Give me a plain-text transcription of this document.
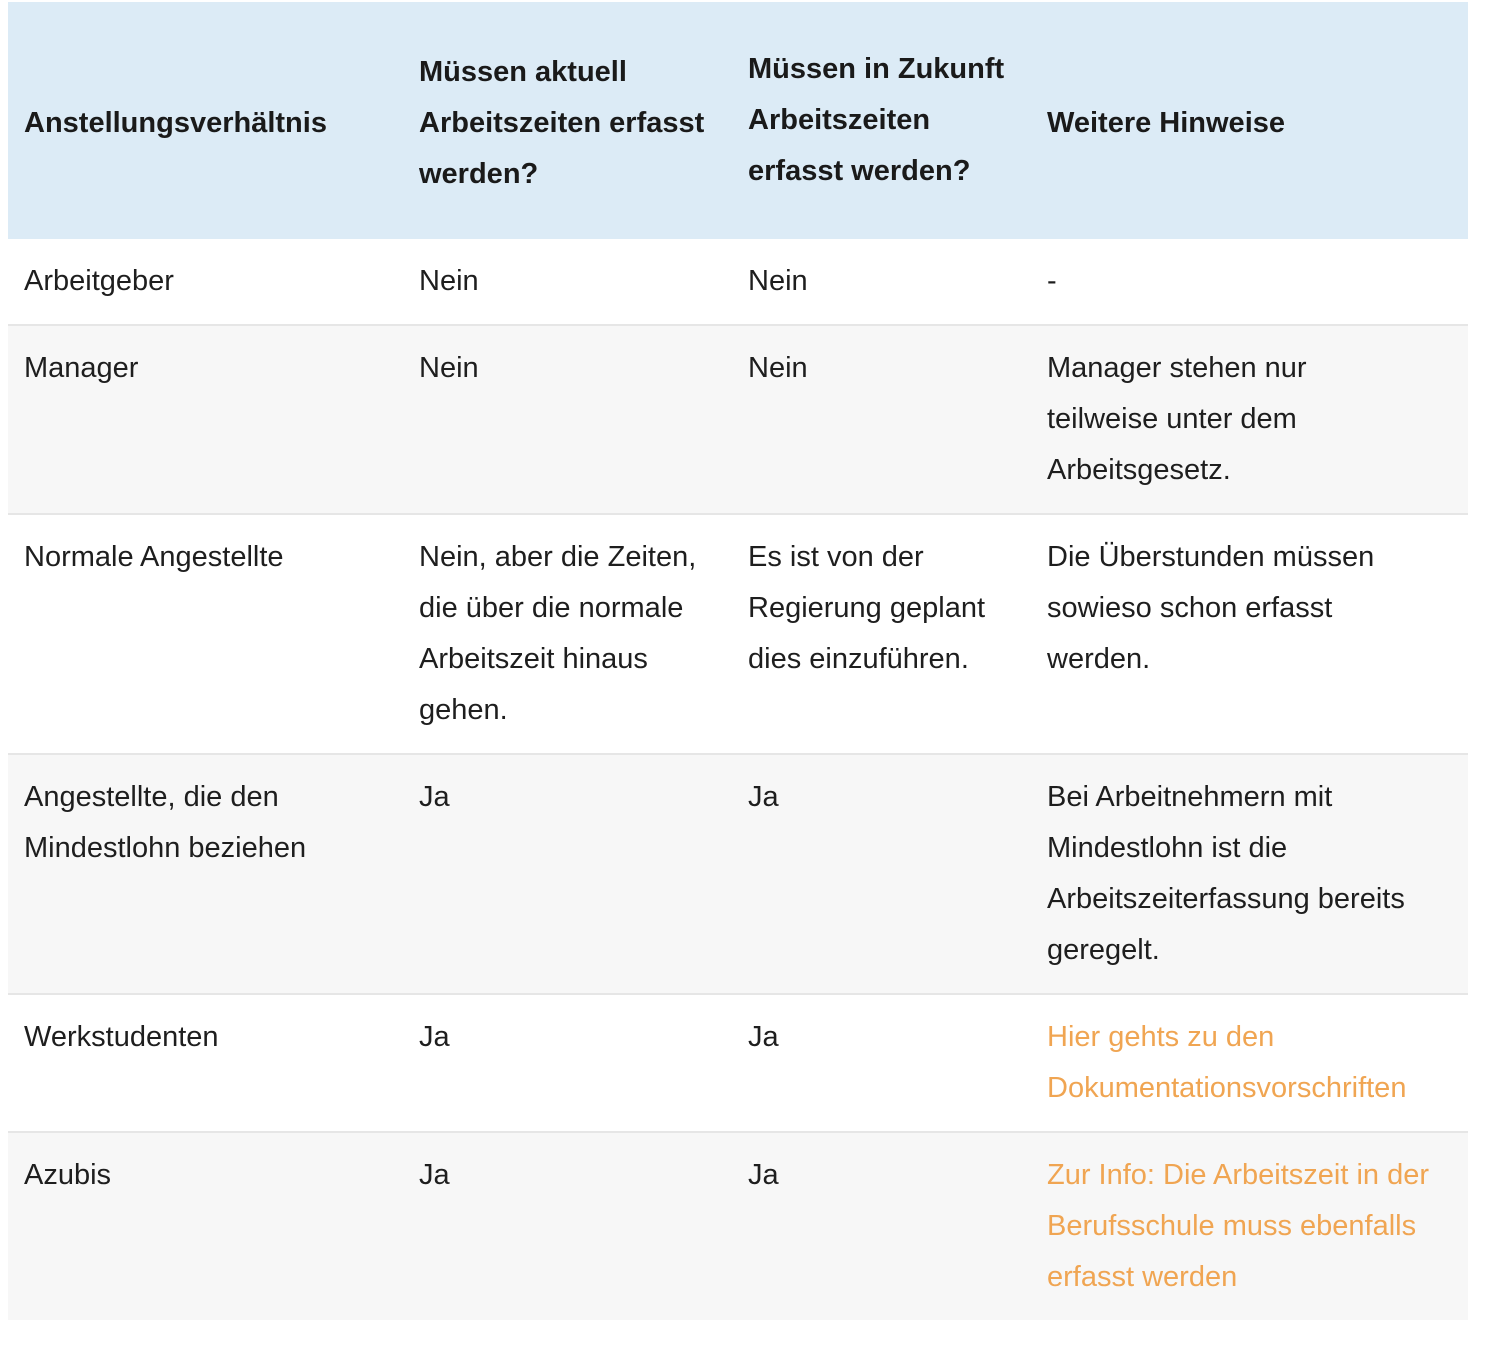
Anstellungsverhältnis	Müssen aktuell Arbeitszeiten erfasst werden?	Müssen in Zukunft Arbeitszeiten erfasst werden?	Weitere Hinweise
Arbeitgeber	Nein	Nein	-
Manager	Nein	Nein	Manager stehen nur teilweise unter dem Arbeitsgesetz.
Normale Angestellte	Nein, aber die Zeiten, die über die normale Arbeitszeit hinaus gehen.	Es ist von der Regierung geplant dies einzuführen.	Die Überstunden müssen sowieso schon erfasst werden.
Angestellte, die den Mindestlohn beziehen	Ja	Ja	Bei Arbeitnehmern mit Mindestlohn ist die Arbeitszeiterfassung bereits geregelt.
Werkstudenten	Ja	Ja	Hier gehts zu den Dokumentationsvorschriften
Azubis	Ja	Ja	Zur Info: Die Arbeitszeit in der Berufsschule muss ebenfalls erfasst werden
